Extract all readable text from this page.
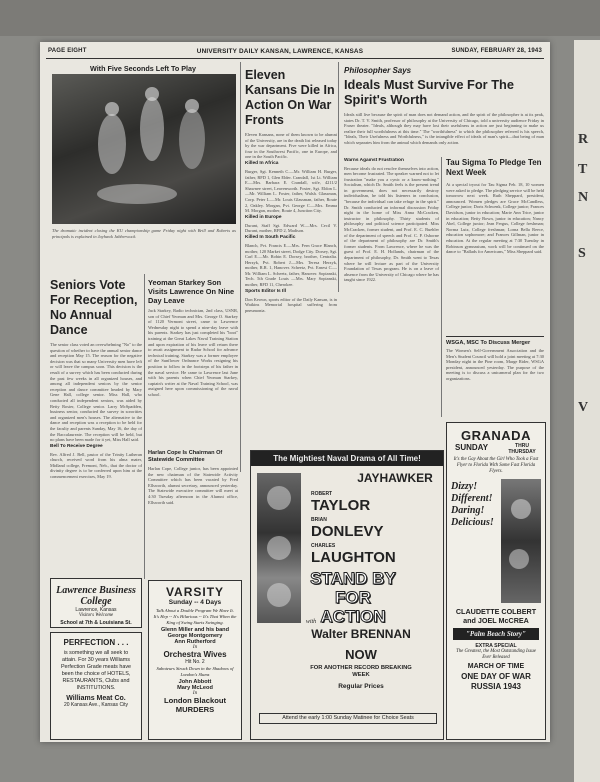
R
T
N
S
V
PAGE EIGHT	UNIVERSITY DAILY KANSAN, LAWRENCE, KANSAS	SUNDAY, FEBRUARY 28, 1943
With Five Seconds Left To Play
The dramatic incident closing the KU championship game Friday night with Brill and Roberts as principals is explained in Jayhawk Jabberwock.
Seniors Vote For Reception, No Annual Dance

The senior class voted an overwhelming "No" to the question of whether to have the annual senior dance and reception May 15. The reason for the negative decision was that so many University men have left or will leave the campus soon. This decision is the result of a survey which has been conducted during the past few weeks in all organized houses, and among all independent seniors by the senior reception and dance committee headed by Mary Gene Hall, college senior. Miss Hall, who conducted all independent seniors, was aided by Betty Rosier, College senior. Larry McSpadden, business senior, conducted the survey in sororities and organized men's houses. The alternative to the dance and reception was a reception to be held for the faculty and parents Sunday, May 16, the day of the Baccalaureate. The reception will be held, but no plans have been made for it yet, Miss Hall said.

Bell To Receive Degree

Rev. Alfred J. Bell, pastor of the Trinity Lutheran church, received word from his alma mater, Midland college, Fremont, Neb., that the doctor of divinity degree is to be conferred upon him at the commencement exercises, May 19.

Lawrence Business College
Lawrence, Kansas
Visitors Welcome
School at 7th & Louisiana St.
PERFECTION . . .
is something we all seek to attain. For 30 years Williams Perfection Grade meats have been the choice of HOTELS, RESTAURANTS, Clubs and INSTITUTIONS.
Williams Meat Co.
20 Kansas Ave., Kansas City
Yeoman Starkey Son Visits Lawrence On Nine Day Leave
Jack Starkey, Radio technician, 2nd class, USNR, son of Chief Yeoman and Mrs. George O. Starkey of 1120 Vermont street, came to Lawrence Wednesday night to spend a nine-day leave with his parents. Starkey has just completed his "boot" training at the Great Lakes Naval Training Station and upon expiration of his leave will return there to await assignment to Radar School for advance technical training. Starkey was a former employee of the Sunflower Ordnance Works resigning his position to follow in the footsteps of his father in the naval service. He came to Lawrence last June with his parents when Chief Yeoman Starkey, captain's writer at the Naval Training School, was assigned here upon commissioning of the naval school.
Harlan Cope Is Chairman Of Statewide Committee
Harlan Cope, College junior, has been appointed the new chairman of the Statewide Activity Committee which has been vacated by Fred Ellsworth, alumni secretary, announced yesterday. The Statewide executive committee will meet at 4:30 Tuesday afternoon in the Alumni office, Ellsworth said.
VARSITY
Sunday -- 4 Days
Talk About a Double Program We Have It. It's Hep -- It's Hilarious -- It's That When the King of Swing Starts Swinging.
Glenn Miller and his band
George Montgomery
Ann Rutherford
In
Orchestra Wives
Hit No. 2
Saboteurs Struck Down in the Shadows of London's Slums
John Abbott
Mary McLeod
In
London Blackout MURDERS
Eleven Kansans Die In Action On War Fronts

Eleven Kansans, none of them known to be alumni of the University, are in the death list released today by the war department. Five were killed in Africa, four in the Southwest Pacific, one in Europe, and one in the South Pacific.

Killed In Africa

Burger, Sgt. Kenneth C.—Mr. William H. Burger, father, RFD 1, Glen Elder. Crandall, 1st Lt. William E.—Mrs. Barbara E. Crandall, wife, 4211/2 Shawnee street, Leavenworth. Foster, Sgt. Eldon L.—Mr. William L. Foster, father, Walsh. Glassman, Corp. Peter L.—Mr. Louis Glassman, father, Route 2, Oakley. Morgan, Pvt. George C.—Mrs. Emma M. Morgan, mother, Route 4, Junction City.

Killed in Europe

Durant, Staff Sgt. Edward W.—Mrs. Cecil V. Durant, mother, RFD 2, Madison.

Killed In South Pacific

Blanch, Pvt. Francis E.—Mrs. Fern Grace Blanch, mother, 120 Market street, Dodge City. Dorsey, Sgt. Carl E.—Mr. Robin E. Dorsey, brother, Centralia. Herzyk, Pvt. Robert J.—Mrs. Teresa Herzyk, mother, R.R. 1, Hanover. Scheetz, Pvt. Ernest C.—Mr. William L. Scheetz, father, Hanover. Sopianski, Tech. 5th Grade Louis —Mrs. Mary Sopianski, mother, RFD 11, Cherokee.

Sports Editor Is Ill

Don Keown, sports editor of the Daily Kansan, is in Watkins Memorial hospital suffering from pneumonia.

Philosopher Says
Ideals Must Survive For The Spirit's Worth
Ideals still live because the spirit of man does not demand action, and the spirit of the philosopher is at its peak, states Dr. T. V. Smith, professor of philosophy at the University of Chicago, told a university audience Friday in Fraser theater. "Ideals, although they may have lost their usefulness in action are just beginning to make us realize their full worthfulness at this time." The "worthfulness" to which the philosopher referred is his speech, "Ideals, Their Usefulness and Worthfulness," is the intangible effect of ideals of man's spirit—that being of man which separates him from the animal which demands only action.

Warns Against Frustration

Because ideals do not resolve themselves into action, men become frustrated. The speaker warned not to let frustration "make you a cynic or a know-nothing." Socialism, which Dr. Smith feels is the present trend in government, does not necessarily destroy individualism, he told his listeners in conclusion, "because the individual can take refuge in the spirit." Dr. Smith conducted an informal discussion Friday night in the home of Miss Anna McCracken, instructor in philosophy. Thirty students of philosophy and political science participated. Miss McCracken, former student, and Prof. E. C. Buehler of the department of speech and Prof. C. P. Osborne of the department of philosophy are Dr. Smith's former students. From Lawrence, where he was the guest of Prof. E. H. Hollands, chairman of the department of philosophy, Dr. Smith went to Texas where he will lecture as part of the University Foundation of Texas program. He is on a leave of absence from the University of Chicago where he has taught since 1922.

Tau Sigma To Pledge Ten Next Week
At a special tryout for Tau Sigma Feb. 18, 10 women were asked to pledge. The pledging service will be held tomorrow next week. Ruth Sheppard, president, announced. Women pledges are Grace McCandless, College junior; Doris Schwenk, College junior; Frances Davidson, junior in education; Marie Ann Trice, junior in education; Betty Bown, junior in education; Nancy Abel, College junior; Jean Fergus, College freshman; Norma Lutz, College freshman; Lorna Bella Reece, education sophomore; and Frances Gillman, junior in education. At the regular meeting at 7:30 Tuesday in Robinson gymnasium, work will be continued on the dance to "Ballads for Americans," Miss Sheppard said.
WSGA, MSC To Discuss Merger
The Women's Self-Government Association and the Men's Student Council will hold a joint meeting at 7:30 Monday night in the Pine room, Marge Rider, WSGA president, announced yesterday. The purpose of the meeting is to discuss a unicameral plan for the two organizations.
The Mightiest Naval Drama of All Time!
JAYHAWKER
ROBERT
TAYLOR
BRIAN
DONLEVY
CHARLES
LAUGHTON
STAND BY FOR ACTION
with
Walter BRENNAN
NOW
FOR ANOTHER RECORD BREAKING WEEK
Regular Prices
Attend the early 1:00 Sunday Matinee for Choice Seats
GRANADA
SUNDAY	THRU THURSDAY
It's the Gay About the Girl Who Took a Fast Flyer to Florida With Some Fast Florida Flyers.
Dizzy! Different! Daring! Delicious!
CLAUDETTE COLBERT and JOEL McCREA
"Palm Beach Story"
EXTRA SPECIAL
The Greatest, the Most Outstanding Issue Ever Released
MARCH OF TIME
ONE DAY OF WAR RUSSIA 1943
